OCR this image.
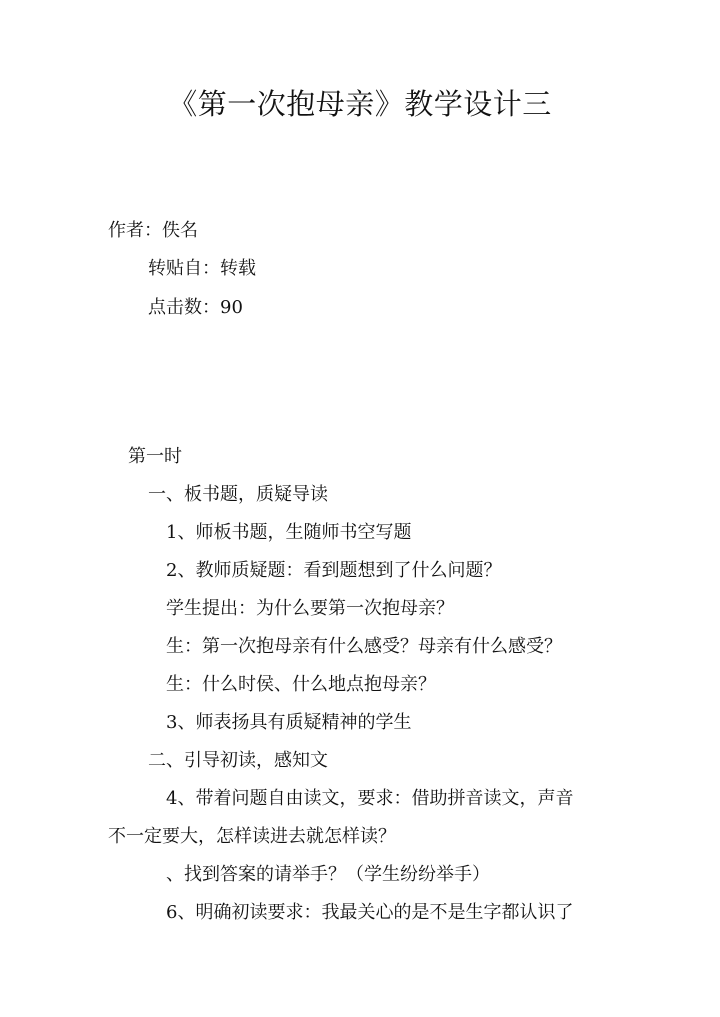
《第一次抱母亲》教学设计三
作者：佚名
转贴自：转载
点击数：90
第一时
一、板书题，质疑导读
1、师板书题，生随师书空写题
2、教师质疑题：看到题想到了什么问题？
学生提出：为什么要第一次抱母亲？
生：第一次抱母亲有什么感受？母亲有什么感受？
生：什么时侯、什么地点抱母亲？
3、师表扬具有质疑精神的学生
二、引导初读，感知文
4、带着问题自由读文，要求：借助拼音读文，声音
不一定要大，怎样读进去就怎样读？
、找到答案的请举手？（学生纷纷举手）
6、明确初读要求：我最关心的是不是生字都认识了
